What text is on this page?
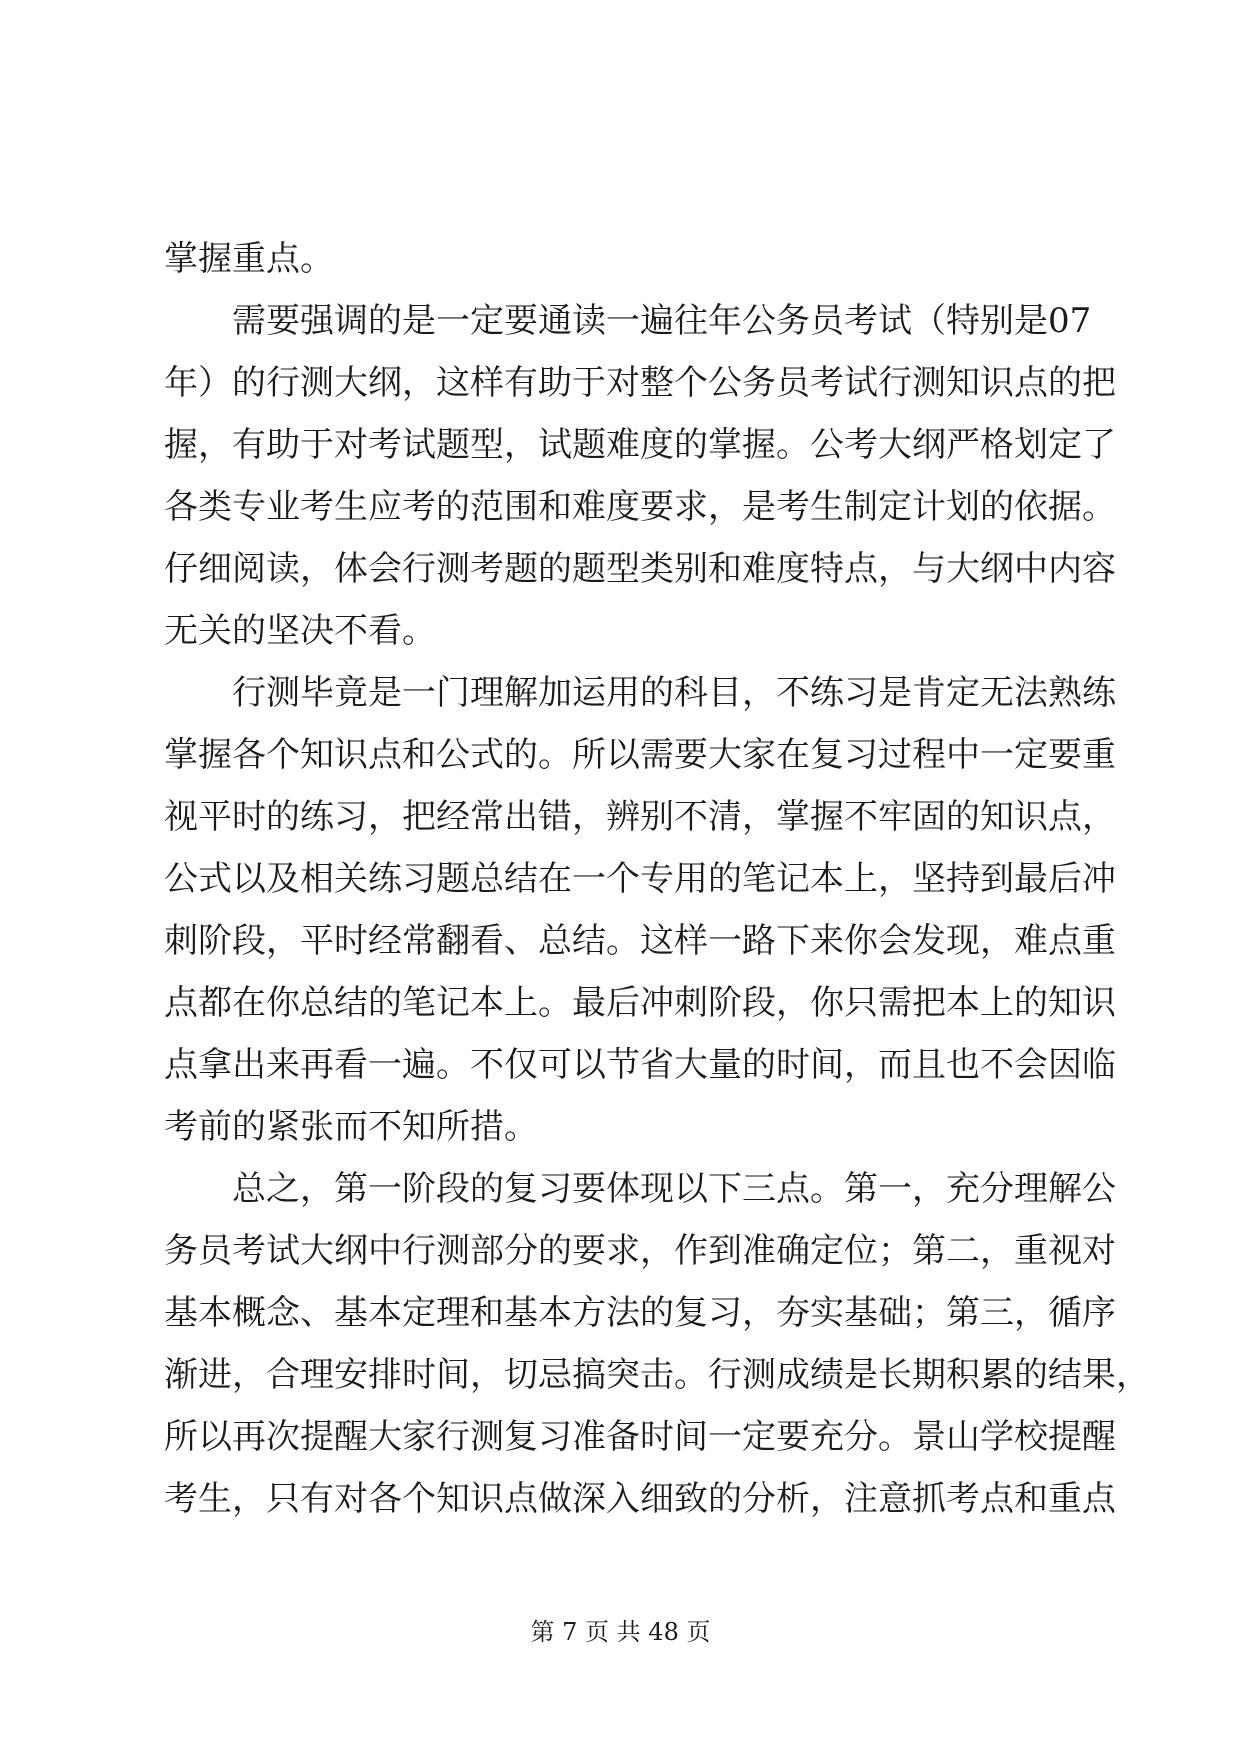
掌握重点。
需 要 强 调 的 是 一 定 要 通 读 一 遍 往 年 公 务 员 考 试 （ 特 别 是 0 7
年 ） 的 行 测 大 纲 ， 这 样 有 助 于 对 整 个 公 务 员 考 试 行 测 知 识 点 的 把
握 ， 有 助 于 对 考 试 题 型 ， 试 题 难 度 的 掌 握 。 公 考 大 纲 严 格 划 定 了
各 类 专 业 考 生 应 考 的 范 围 和 难 度 要 求 ， 是 考 生 制 定 计 划 的 依 据 。
仔 细 阅 读 ， 体 会 行 测 考 题 的 题 型 类 别 和 难 度 特 点 ， 与 大 纲 中 内 容
无关的坚决不看。
行 测 毕 竟 是 一 门 理 解 加 运 用 的 科 目 ， 不 练 习 是 肯 定 无 法 熟 练
掌 握 各 个 知 识 点 和 公 式 的 。 所 以 需 要 大 家 在 复 习 过 程 中 一 定 要 重
视 平 时 的 练 习 ， 把 经 常 出 错 ， 辨 别 不 清 ， 掌 握 不 牢 固 的 知 识 点 ，
公 式 以 及 相 关 练 习 题 总 结 在 一 个 专 用 的 笔 记 本 上 ， 坚 持 到 最 后 冲
刺 阶 段 ， 平 时 经 常 翻 看 、 总 结 。 这 样 一 路 下 来 你 会 发 现 ， 难 点 重
点 都 在 你 总 结 的 笔 记 本 上 。 最 后 冲 刺 阶 段 ， 你 只 需 把 本 上 的 知 识
点 拿 出 来 再 看 一 遍 。 不 仅 可 以 节 省 大 量 的 时 间 ， 而 且 也 不 会 因 临
考前的紧张而不知所措。
总 之 ， 第 一 阶 段 的 复 习 要 体 现 以 下 三 点 。 第 一 ， 充 分 理 解 公
务 员 考 试 大 纲 中 行 测 部 分 的 要 求 ， 作 到 准 确 定 位 ； 第 二 ， 重 视 对
基 本 概 念 、 基 本 定 理 和 基 本 方 法 的 复 习 ， 夯 实 基 础 ； 第 三 ， 循 序
渐 进 ， 合 理 安 排 时 间 ， 切 忌 搞 突 击 。 行 测 成 绩 是 长 期 积 累 的 结 果 ，
所 以 再 次 提 醒 大 家 行 测 复 习 准 备 时 间 一 定 要 充 分 。 景 山 学 校 提 醒
考 生 ， 只 有 对 各 个 知 识 点 做 深 入 细 致 的 分 析 ， 注 意 抓 考 点 和 重 点
第 7 页 共 48 页
